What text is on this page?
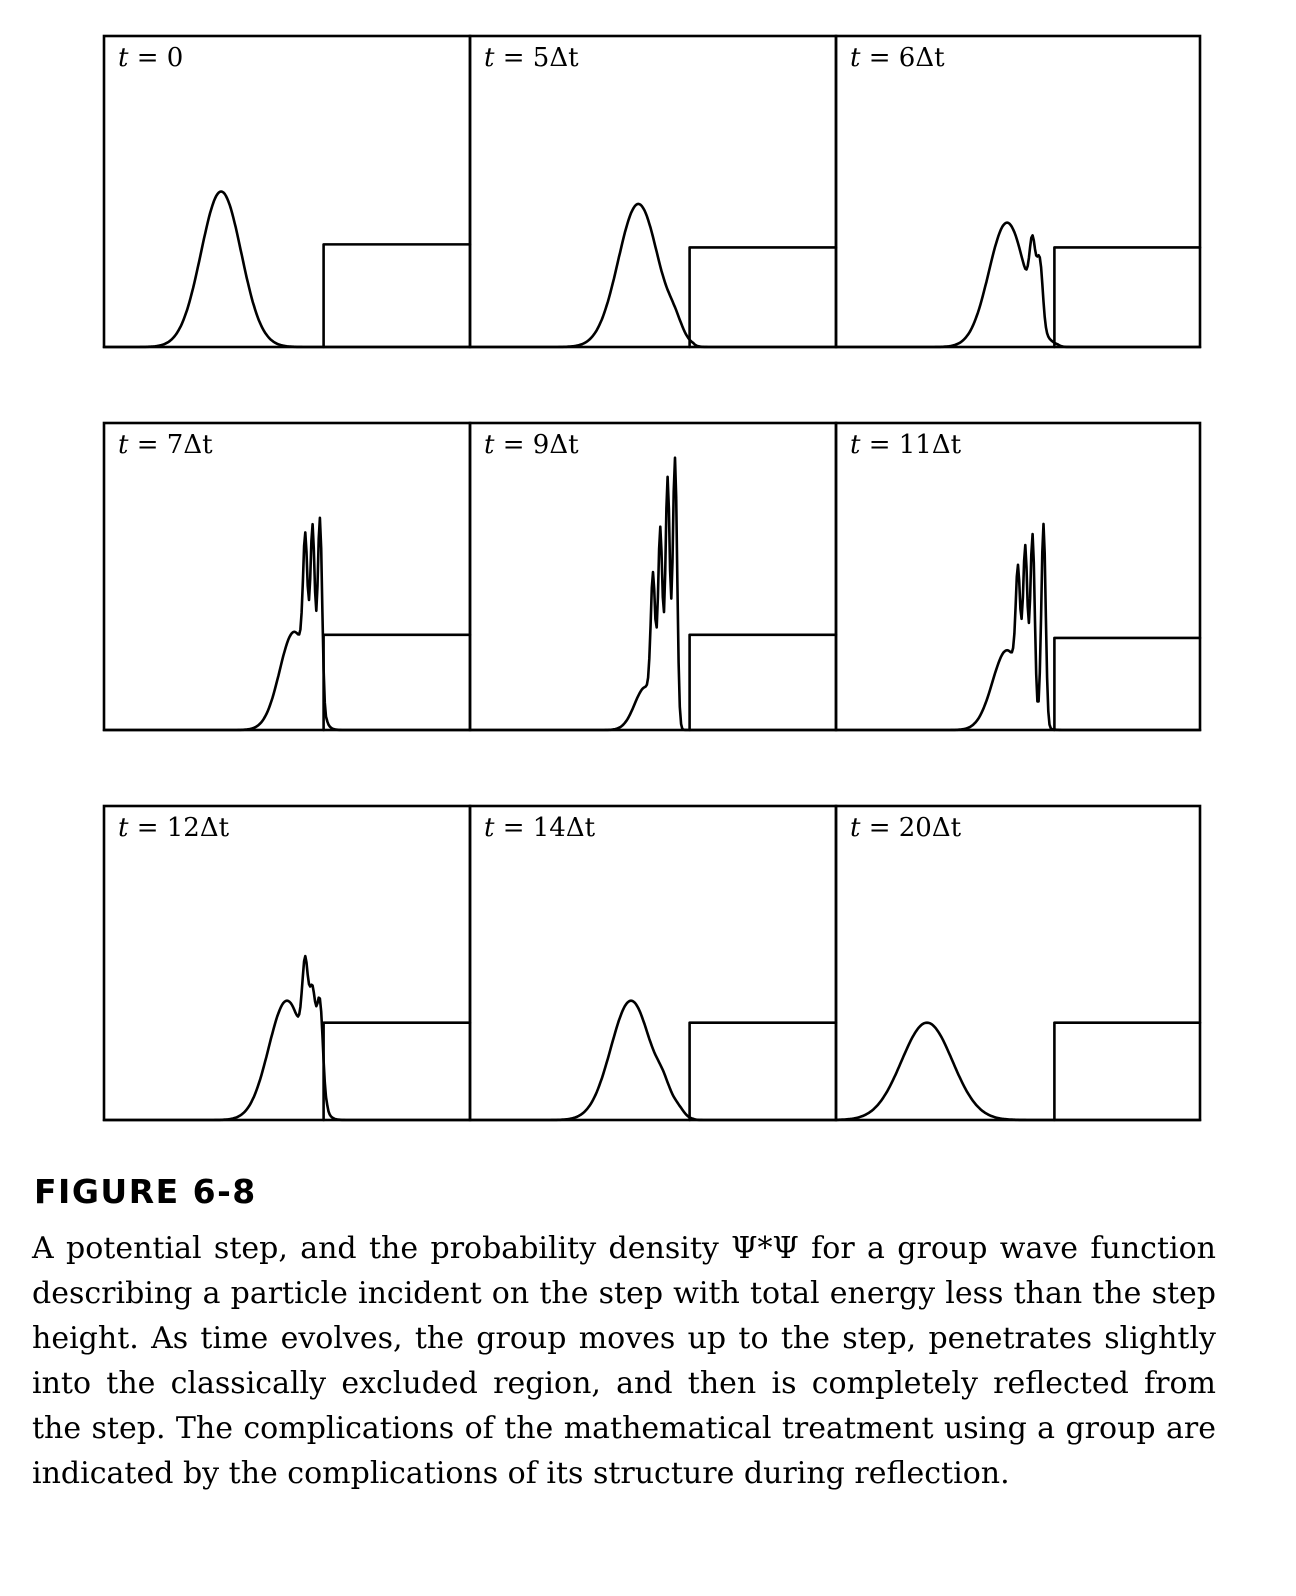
t = 0	t = 5Δt	t = 6Δt
t = 7Δt	t = 9Δt	t = 11Δt
t = 12Δt	t = 14Δt	t = 20Δt
FIGURE 6-8

A potential step, and the probability density Ψ*Ψ for a group wave function describing a particle incident on the step with total energy less than the step height. As time evolves, the group moves up to the step, penetrates slightly into the classically excluded region, and then is completely reflected from the step. The complications of the mathematical treatment using a group are indicated by the complications of its structure during reflection.
